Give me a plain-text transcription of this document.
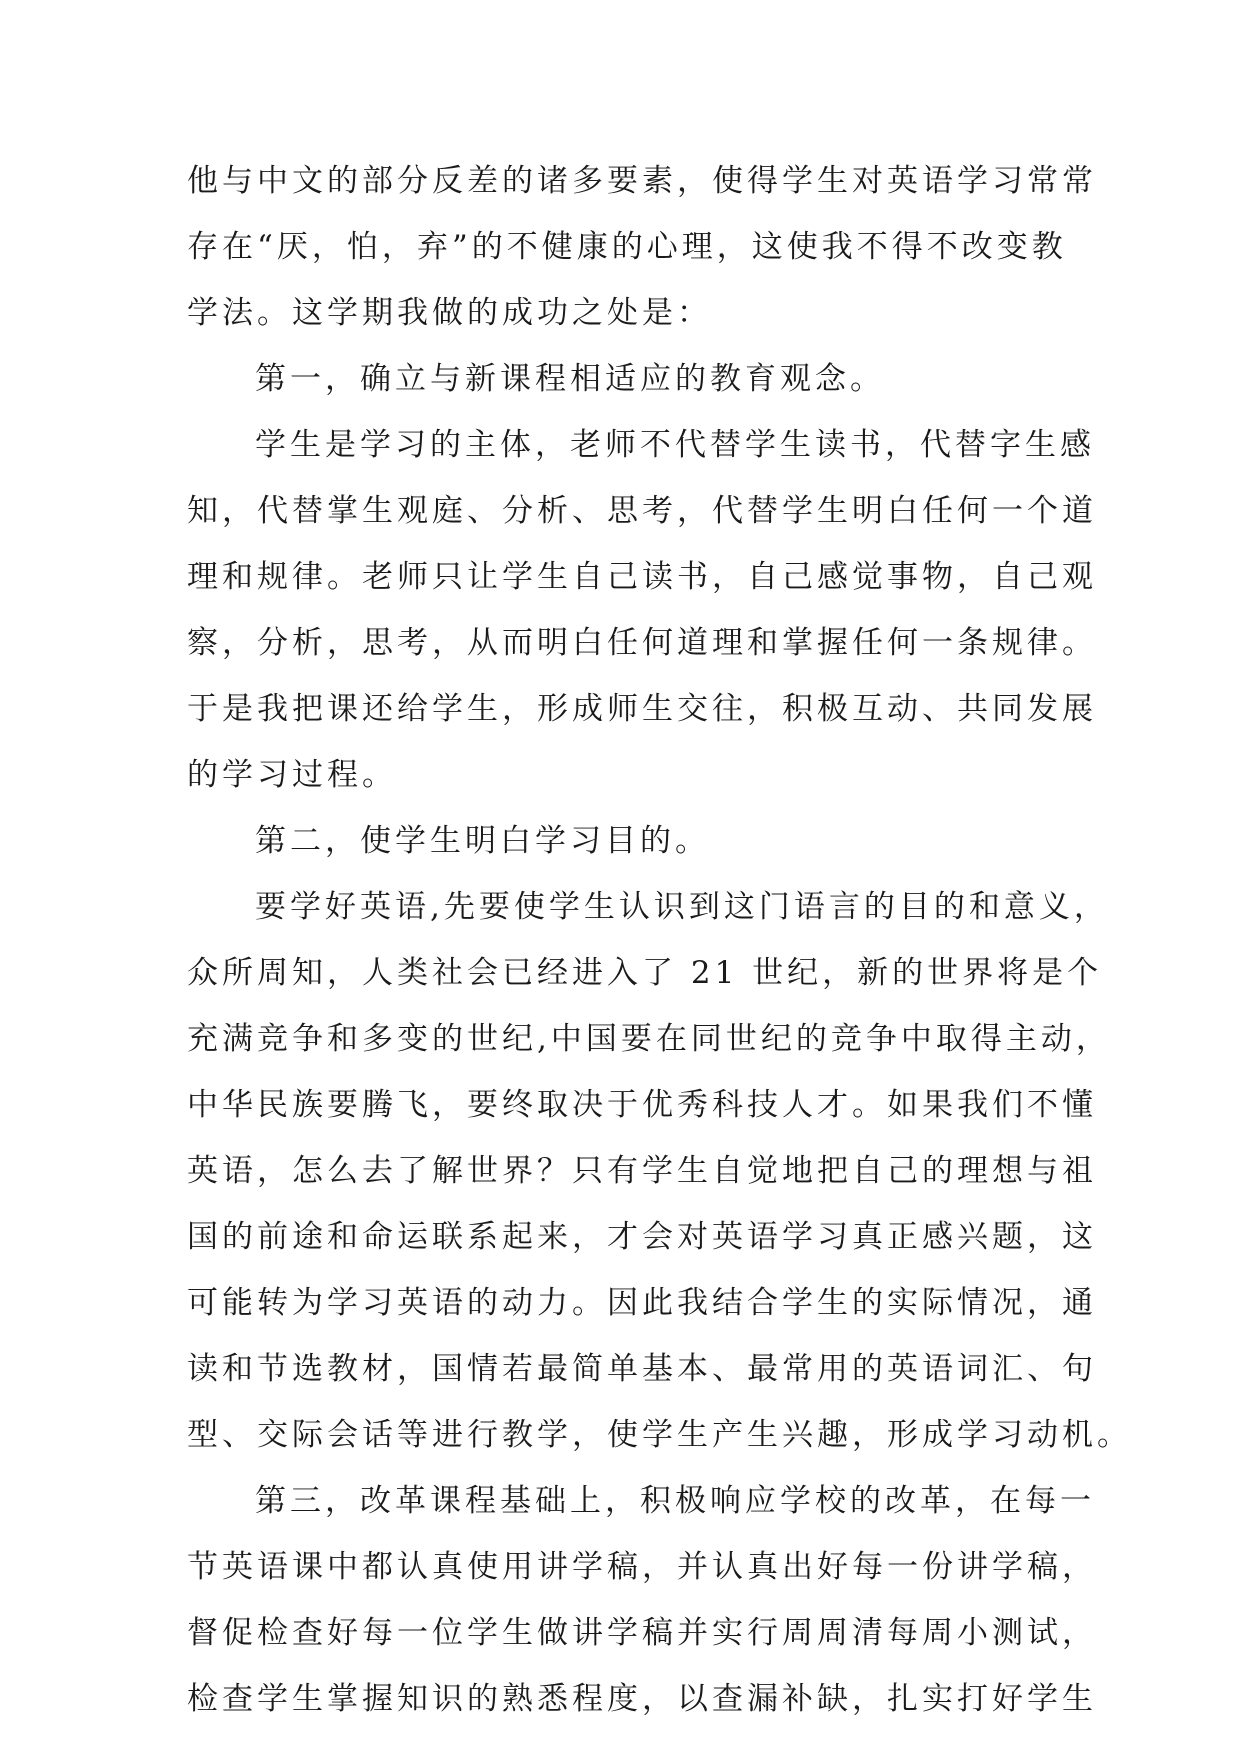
他与中文的部分反差的诸多要素，使得学生对英语学习常常
存在“厌，怕，弃”的不健康的心理，这使我不得不改变教
学法。这学期我做的成功之处是：
第一，确立与新课程相适应的教育观念。
学生是学习的主体，老师不代替学生读书，代替字生感
知，代替掌生观庭、分析、思考，代替学生明白任何一个道
理和规律。老师只让学生自己读书，自己感觉事物，自己观
察，分析，思考，从而明白任何道理和掌握任何一条规律。
于是我把课还给学生，形成师生交往，积极互动、共同发展
的学习过程。
第二，使学生明白学习目的。
要学好英语,先要使学生认识到这门语言的目的和意义，
众所周知，人类社会已经进入了 21 世纪，新的世界将是个
充满竞争和多变的世纪,中国要在同世纪的竞争中取得主动，
中华民族要腾飞，要终取决于优秀科技人才。如果我们不懂
英语，怎么去了解世界？只有学生自觉地把自己的理想与祖
国的前途和命运联系起来，才会对英语学习真正感兴题，这
可能转为学习英语的动力。因此我结合学生的实际情况，通
读和节选教材，国情若最简单基本、最常用的英语词汇、句
型、交际会话等进行教学，使学生产生兴趣，形成学习动机。
第三，改革课程基础上，积极响应学校的改革，在每一
节英语课中都认真使用讲学稿，并认真出好每一份讲学稿，
督促检查好每一位学生做讲学稿并实行周周清每周小测试，
检查学生掌握知识的熟悉程度，以查漏补缺，扎实打好学生
